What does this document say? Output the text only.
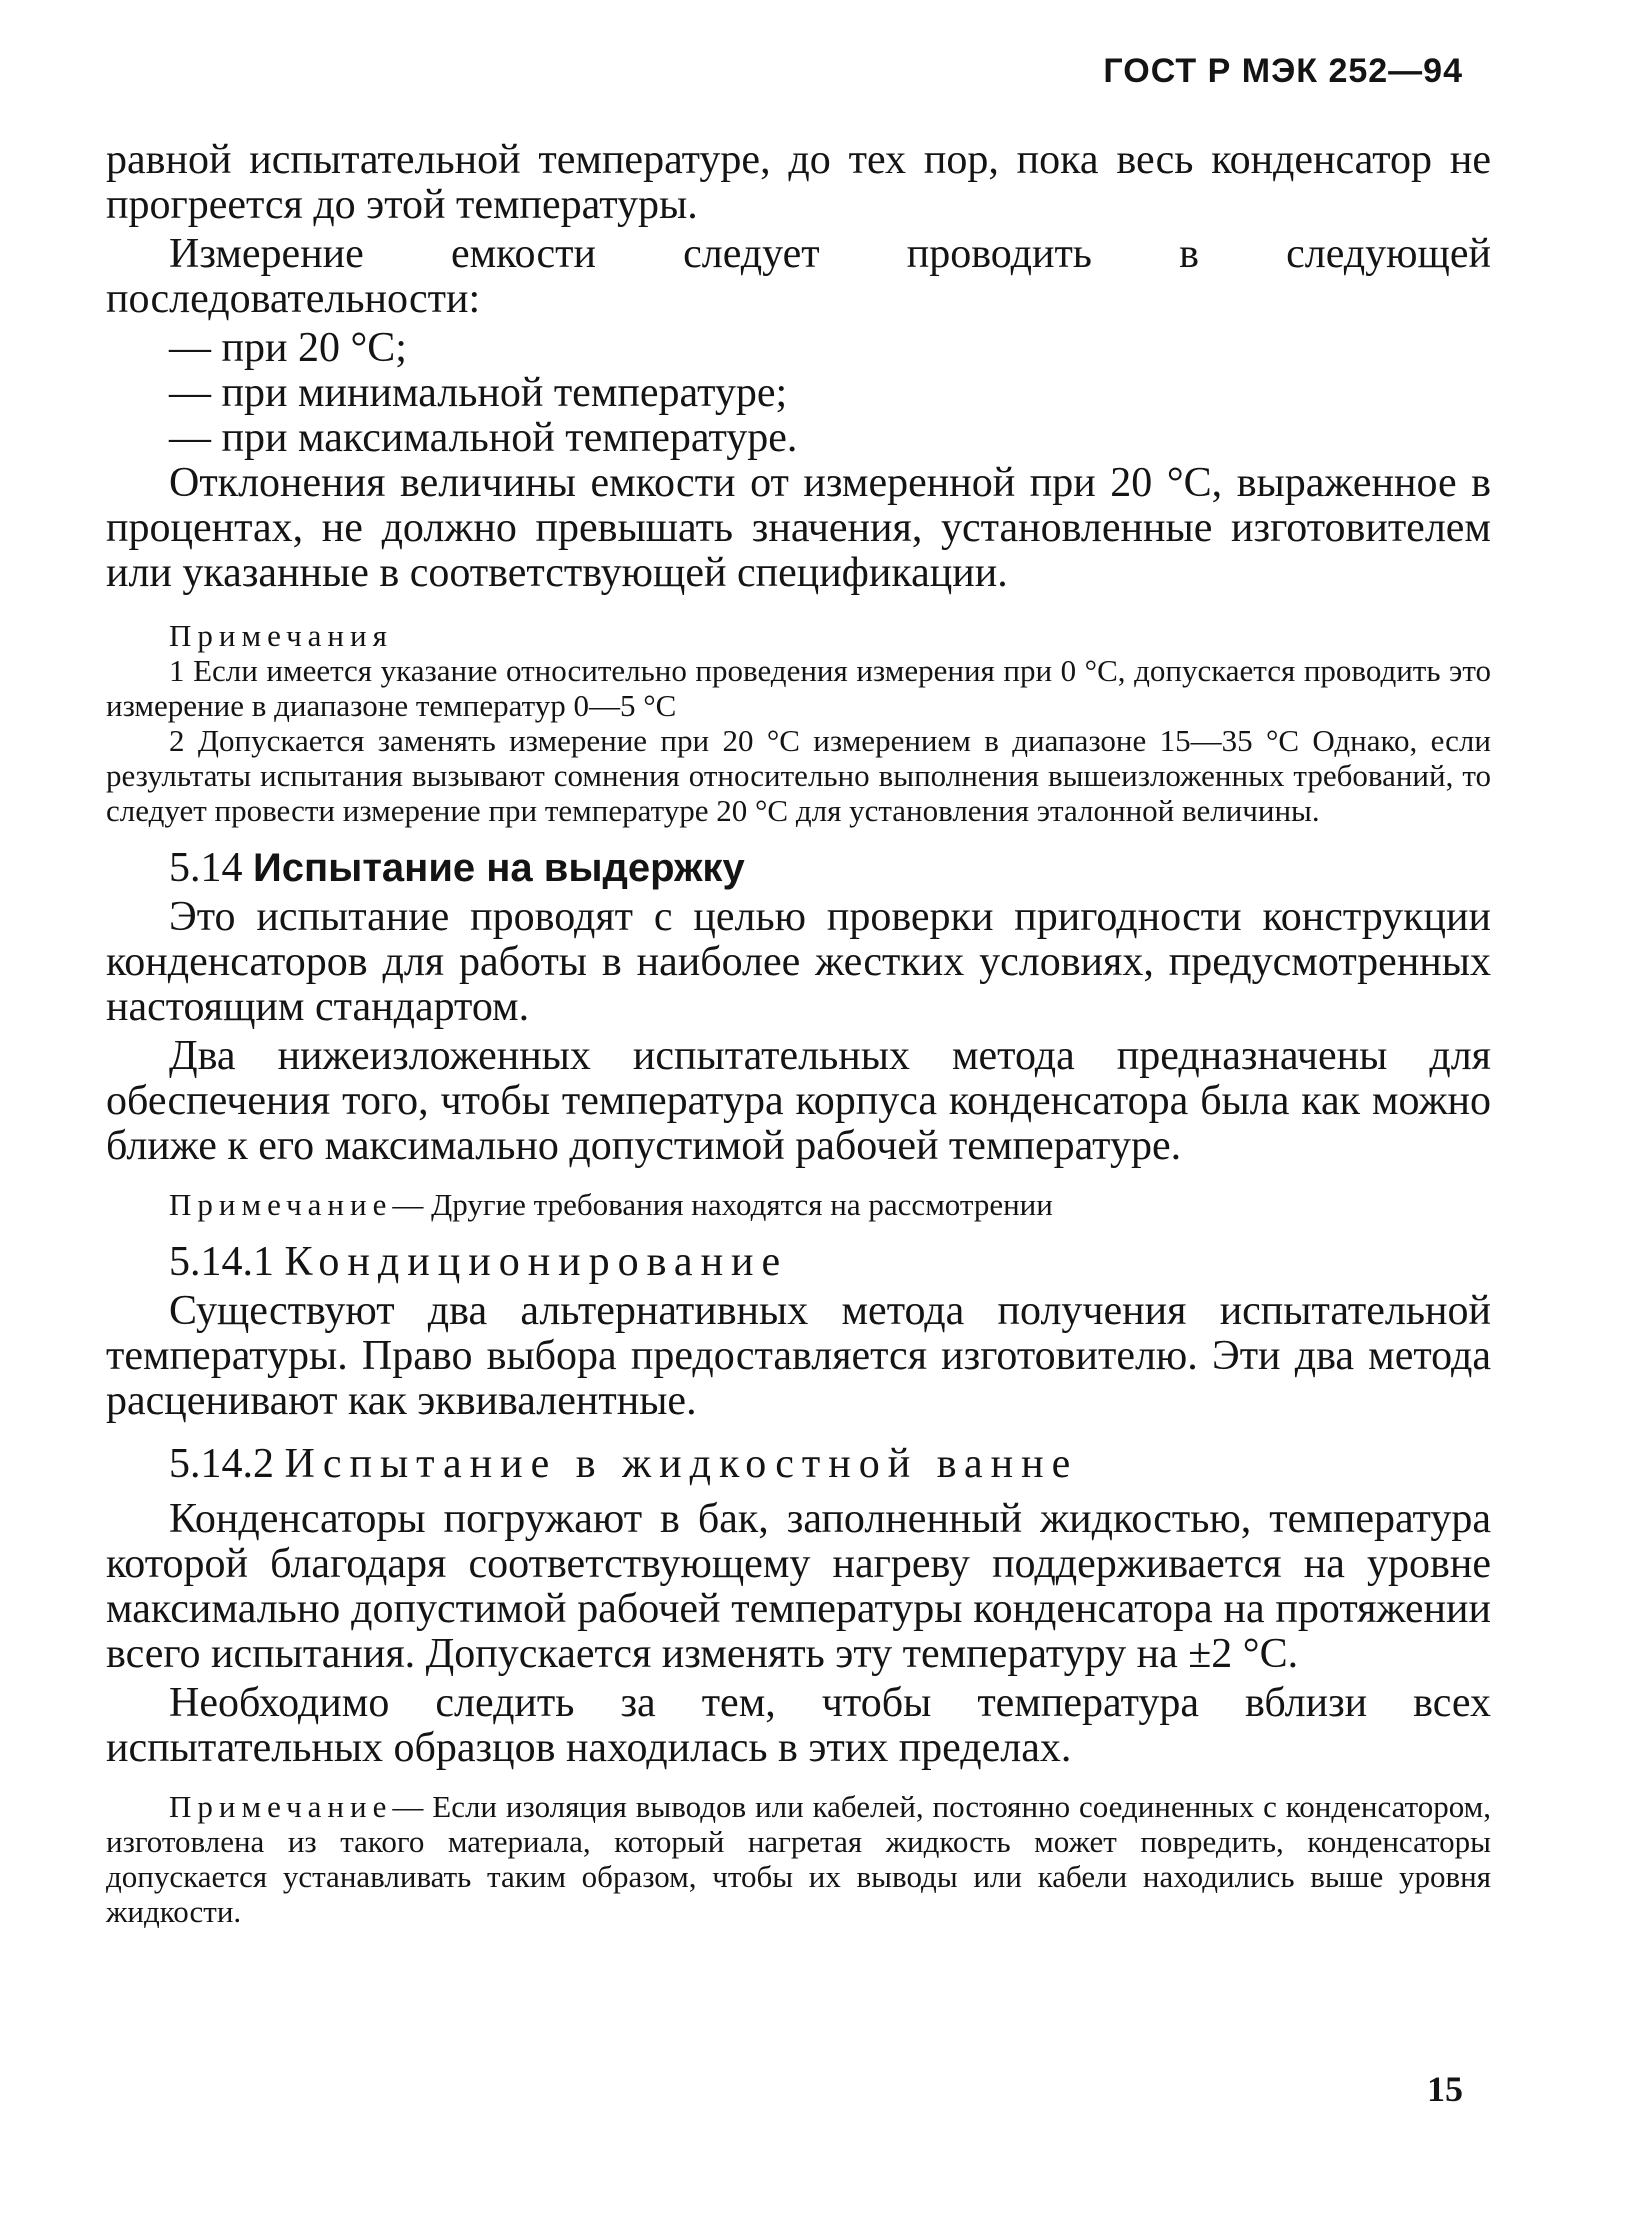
ГОСТ Р МЭК 252—94

равной испытательной температуре, до тех пор, пока весь конденсатор не прогреется до этой температуры.

Измерение емкости следует проводить в следующей последовательности:

— при 20 °С;

— при минимальной температуре;

— при максимальной температуре.

Отклонения величины емкости от измеренной при 20 °С, выраженное в процентах, не должно превышать значения, установленные изготовителем или указанные в соответствующей спецификации.

Примечания

1 Если имеется указание относительно проведения измерения при 0 °С, допускается проводить это измерение в диапазоне температур 0—5 °С

2 Допускается заменять измерение при 20 °С измерением в диапазоне 15—35 °С Однако, если результаты испытания вызывают сомнения относительно выполнения вышеизложенных требований, то следует провести измерение при температуре 20 °С для установления эталонной величины.

5.14 Испытание на выдержку

Это испытание проводят с целью проверки пригодности конструкции конденсаторов для работы в наиболее жестких условиях, предусмотренных настоящим стандартом.

Два нижеизложенных испытательных метода предназначены для обеспечения того, чтобы температура корпуса конденсатора была как можно ближе к его максимально допустимой рабочей температуре.

Примечание— Другие требования находятся на рассмотрении

5.14.1 Кондиционирование

Существуют два альтернативных метода получения испытательной температуры. Право выбора предоставляется изготовителю. Эти два метода расценивают как эквивалентные.

5.14.2 Испытание в жидкостной ванне

Конденсаторы погружают в бак, заполненный жидкостью, температура которой благодаря соответствующему нагреву поддерживается на уровне максимально допустимой рабочей температуры конденсатора на протяжении всего испытания. Допускается изменять эту температуру на ±2 °С.

Необходимо следить за тем, чтобы температура вблизи всех испытательных образцов находилась в этих пределах.

Примечание— Если изоляция выводов или кабелей, постоянно соединенных с конденсатором, изготовлена из такого материала, который нагретая жидкость может повредить, конденсаторы допускается устанавливать таким образом, чтобы их выводы или кабели находились выше уровня жидкости.

15
